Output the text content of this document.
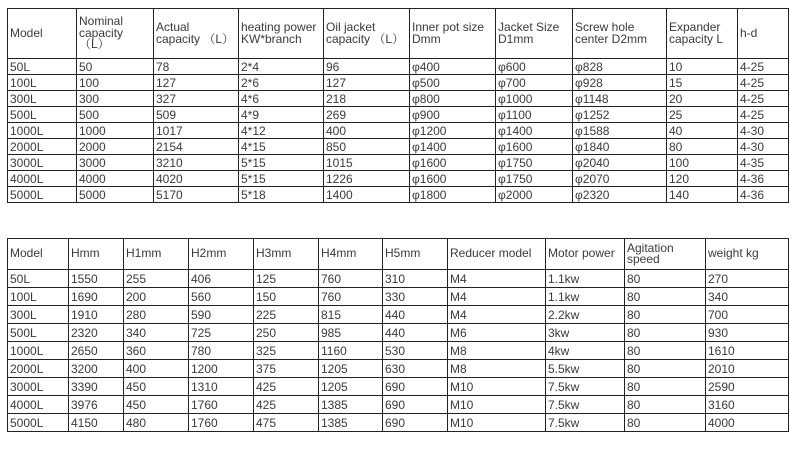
Model	Nominal capacity （L）	Actual capacity （L）	heating power KW*branch	Oil jacket capacity （L）	Inner pot size Dmm	Jacket Size D1mm	Screw hole center D2mm	Expander capacity L	h-d
50L	50	78	2*4	96	φ400	φ600	φ828	10	4-25
100L	100	127	2*6	127	φ500	φ700	φ928	15	4-25
300L	300	327	4*6	218	φ800	φ1000	φ1148	20	4-25
500L	500	509	4*9	269	φ900	φ1100	φ1252	25	4-25
1000L	1000	1017	4*12	400	φ1200	φ1400	φ1588	40	4-30
2000L	2000	2154	4*15	850	φ1400	φ1600	φ1840	80	4-30
3000L	3000	3210	5*15	1015	φ1600	φ1750	φ2040	100	4-35
4000L	4000	4020	5*15	1226	φ1600	φ1750	φ2070	120	4-36
5000L	5000	5170	5*18	1400	φ1800	φ2000	φ2320	140	4-36
Model	Hmm	H1mm	H2mm	H3mm	H4mm	H5mm	Reducer model	Motor power	Agitation speed	weight kg
50L	1550	255	406	125	760	310	M4	1.1kw	80	270
100L	1690	200	560	150	760	330	M4	1.1kw	80	340
300L	1910	280	590	225	815	440	M4	2.2kw	80	700
500L	2320	340	725	250	985	440	M6	3kw	80	930
1000L	2650	360	780	325	1160	530	M8	4kw	80	1610
2000L	3200	400	1200	375	1205	630	M8	5.5kw	80	2010
3000L	3390	450	1310	425	1205	690	M10	7.5kw	80	2590
4000L	3976	450	1760	425	1385	690	M10	7.5kw	80	3160
5000L	4150	480	1760	475	1385	690	M10	7.5kw	80	4000
